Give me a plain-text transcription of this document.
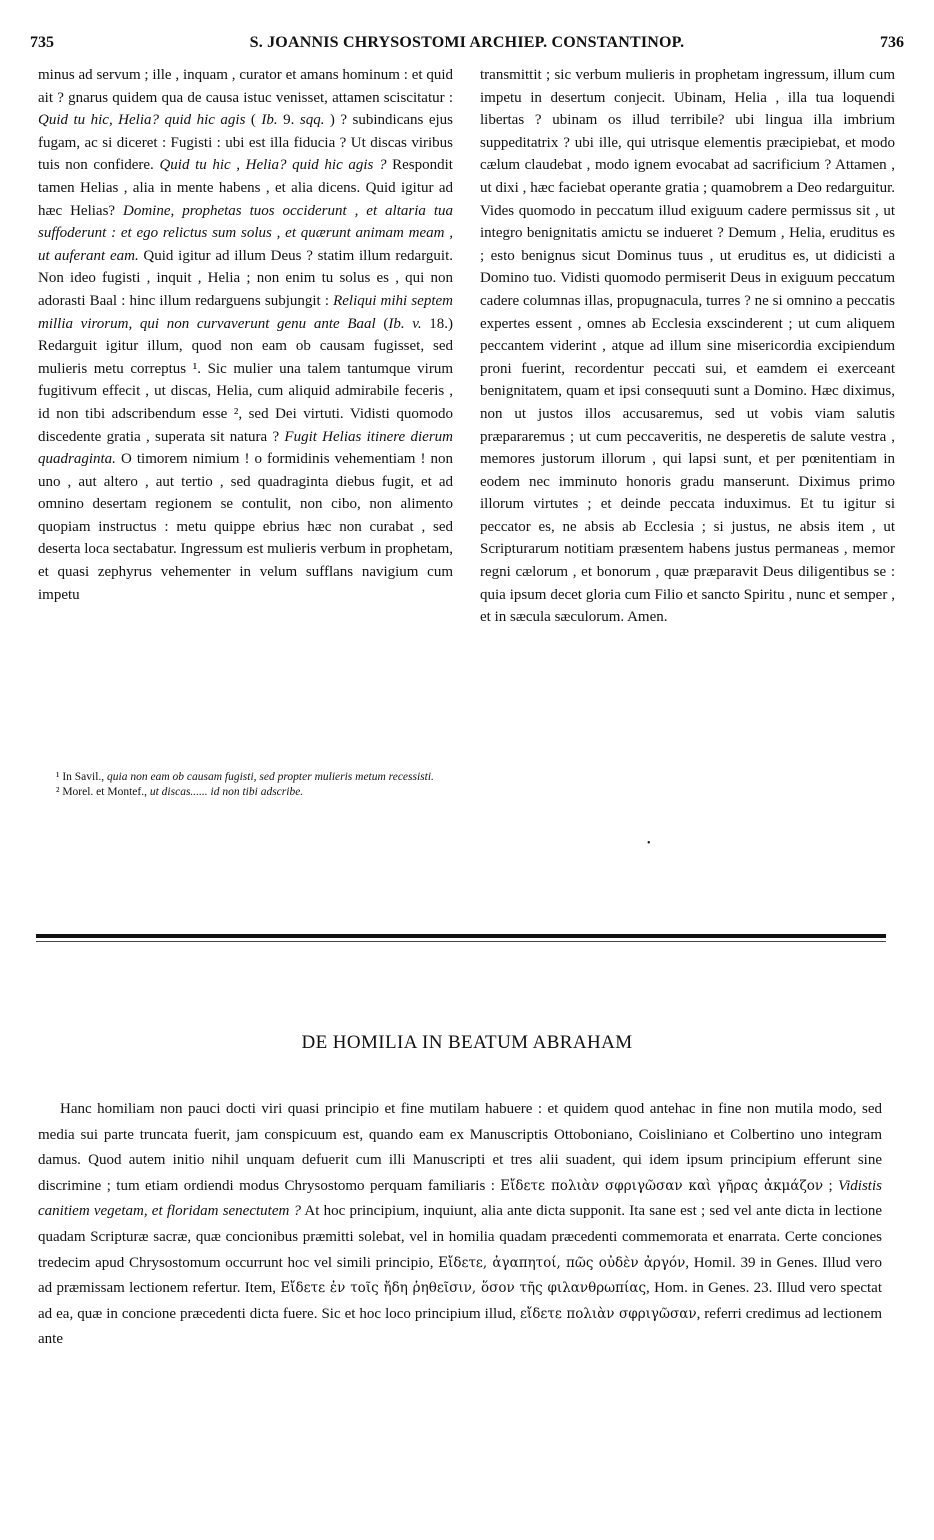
735	S. JOANNIS CHRYSOSTOMI ARCHIEP. CONSTANTINOP.	736

minus ad servum ; ille , inquam , curator et amans hominum : et quid ait ? gnarus quidem qua de causa istuc venisset, attamen sciscitatur : Quid tu hic, Helia? quid hic agis ( Ib. 9. sqq. ) ? subindicans ejus fugam, ac si diceret : Fugisti : ubi est illa fiducia ? Ut discas viribus tuis non confidere. Quid tu hic , Helia? quid hic agis ? Respondit tamen Helias , alia in mente habens , et alia dicens. Quid igitur ad hæc Helias? Domine, prophetas tuos occiderunt , et altaria tua suffoderunt : et ego relictus sum solus , et quærunt animam meam , ut auferant eam. Quid igitur ad illum Deus ? statim illum redarguit. Non ideo fugisti , inquit , Helia ; non enim tu solus es , qui non adorasti Baal : hinc illum redarguens subjungit : Reliqui mihi septem millia virorum, qui non curvaverunt genu ante Baal (Ib. v. 18.) Redarguit igitur illum, quod non eam ob causam fugisset, sed mulieris metu correptus ¹. Sic mulier una talem tantumque virum fugitivum effecit , ut discas, Helia, cum aliquid admirabile feceris , id non tibi adscribendum esse ², sed Dei virtuti. Vidisti quomodo discedente gratia , superata sit natura ? Fugit Helias itinere dierum quadraginta. O timorem nimium ! o formidinis vehementiam ! non uno , aut altero , aut tertio , sed quadraginta diebus fugit, et ad omnino desertam regionem se contulit, non cibo, non alimento quopiam instructus : metu quippe ebrius hæc non curabat , sed deserta loca sectabatur. Ingressum est mulieris verbum in prophetam, et quasi zephyrus vehementer in velum sufflans navigium cum impetu

¹ In Savil., quia non eam ob causam fugisti, sed propter mulieris metum recessisti.

² Morel. et Montef., ut discas...... id non tibi adscribe.

transmittit ; sic verbum mulieris in prophetam ingressum, illum cum impetu in desertum conjecit. Ubinam, Helia , illa tua loquendi libertas ? ubinam os illud terribile? ubi lingua illa imbrium suppeditatrix ? ubi ille, qui utrisque elementis præcipiebat, et modo cælum claudebat , modo ignem evocabat ad sacrificium ? Attamen , ut dixi , hæc faciebat operante gratia ; quamobrem a Deo redarguitur. Vides quomodo in peccatum illud exiguum cadere permissus sit , ut integro benignitatis amictu se indueret ? Demum , Helia, eruditus es ; esto benignus sicut Dominus tuus , ut eruditus es, ut didicisti a Domino tuo. Vidisti quomodo permiserit Deus in exiguum peccatum cadere columnas illas, propugnacula, turres ? ne si omnino a peccatis expertes essent , omnes ab Ecclesia exscinderent ; ut cum aliquem peccantem viderint , atque ad illum sine misericordia excipiendum proni fuerint, recordentur peccati sui, et eamdem ei exerceant benignitatem, quam et ipsi consequuti sunt a Domino. Hæc diximus, non ut justos illos accusaremus, sed ut vobis viam salutis præpararemus ; ut cum peccaveritis, ne desperetis de salute vestra , memores justorum illorum , qui lapsi sunt, et per pœnitentiam in eodem nec imminuto honoris gradu manserunt. Diximus primo illorum virtutes ; et deinde peccata induximus. Et tu igitur si peccator es, ne absis ab Ecclesia ; si justus, ne absis item , ut Scripturarum notitiam præsentem habens justus permaneas , memor regni cælorum , et bonorum , quæ præparavit Deus diligentibus se : quia ipsum decet gloria cum Filio et sancto Spiritu , nunc et semper , et in sæcula sæculorum. Amen.

•
DE HOMILIA IN BEATUM ABRAHAM

Hanc homiliam non pauci docti viri quasi principio et fine mutilam habuere : et quidem quod antehac in fine non mutila modo, sed media sui parte truncata fuerit, jam conspicuum est, quando eam ex Manuscriptis Ottoboniano, Coisliniano et Colbertino uno integram damus. Quod autem initio nihil unquam defuerit cum illi Manuscripti et tres alii suadent, qui idem ipsum principium efferunt sine discrimine ; tum etiam ordiendi modus Chrysostomo perquam familiaris : Εἴδετε πολιὰν σφριγῶσαν καὶ γῆρας ἀκμάζον ; Vidistis canitiem vegetam, et floridam senectutem ? At hoc principium, inquiunt, alia ante dicta supponit. Ita sane est ; sed vel ante dicta in lectione quadam Scripturæ sacræ, quæ concionibus præmitti solebat, vel in homilia quadam præcedenti commemorata et enarrata. Certe conciones tredecim apud Chrysostomum occurrunt hoc vel simili principio, Εἴδετε, ἀγαπητοί, πῶς οὐδὲν ἀργόν, Homil. 39 in Genes. Illud vero ad præmissam lectionem refertur. Item, Εἴδετε ἐν τοῖς ἤδη ῥηθεῖσιν, ὅσον τῆς φιλανθρωπίας, Hom. in Genes. 23. Illud vero spectat ad ea, quæ in concione præcedenti dicta fuere. Sic et hoc loco principium illud, εἴδετε πολιὰν σφριγῶσαν, referri credimus ad lectionem ante
